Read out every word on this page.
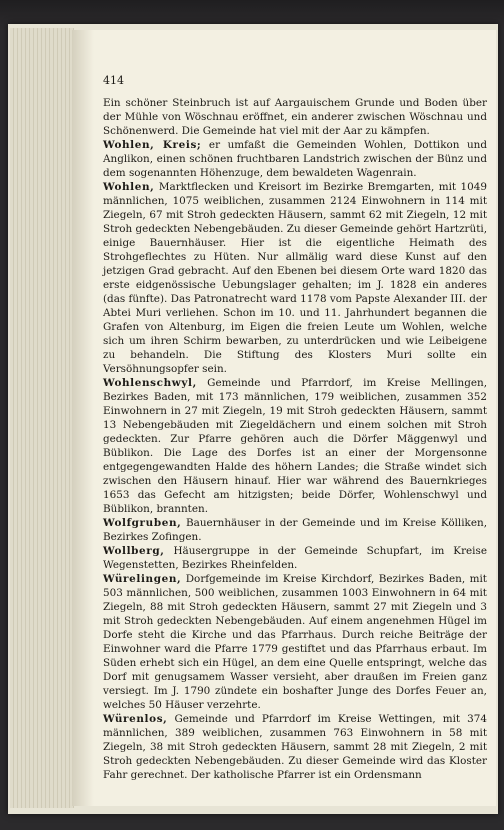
414

Ein schöner Steinbruch ist auf Aargauischem Grunde und Boden über der Mühle von Wöschnau eröffnet, ein anderer zwischen Wöschnau und Schönenwerd. Die Gemeinde hat viel mit der Aar zu kämpfen.

Wohlen, Kreis; er umfaßt die Gemeinden Wohlen, Dottikon und Anglikon, einen schönen fruchtbaren Landstrich zwischen der Bünz und dem sogenannten Höhenzuge, dem bewaldeten Wagenrain.

Wohlen, Marktflecken und Kreisort im Bezirke Bremgarten, mit 1049 männlichen, 1075 weiblichen, zusammen 2124 Einwohnern in 114 mit Ziegeln, 67 mit Stroh gedeckten Häusern, sammt 62 mit Ziegeln, 12 mit Stroh gedeckten Nebengebäuden. Zu dieser Gemeinde gehört Hartzrüti, einige Bauernhäuser. Hier ist die eigentliche Heimath des Strohgeflechtes zu Hüten. Nur allmälig ward diese Kunst auf den jetzigen Grad gebracht. Auf den Ebenen bei diesem Orte ward 1820 das erste eidgenössische Uebungslager gehalten; im J. 1828 ein anderes (das fünfte). Das Patronatrecht ward 1178 vom Papste Alexander III. der Abtei Muri verliehen. Schon im 10. und 11. Jahrhundert begannen die Grafen von Altenburg, im Eigen die freien Leute um Wohlen, welche sich um ihren Schirm bewarben, zu unterdrücken und wie Leibeigene zu behandeln. Die Stiftung des Klosters Muri sollte ein Versöhnungsopfer sein.

Wohlenschwyl, Gemeinde und Pfarrdorf, im Kreise Mellingen, Bezirkes Baden, mit 173 männlichen, 179 weiblichen, zusammen 352 Einwohnern in 27 mit Ziegeln, 19 mit Stroh gedeckten Häusern, sammt 13 Nebengebäuden mit Ziegeldächern und einem solchen mit Stroh gedeckten. Zur Pfarre gehören auch die Dörfer Mäggenwyl und Büblikon. Die Lage des Dorfes ist an einer der Morgensonne entgegengewandten Halde des höhern Landes; die Straße windet sich zwischen den Häusern hinauf. Hier war während des Bauernkrieges 1653 das Gefecht am hitzigsten; beide Dörfer, Wohlenschwyl und Büblikon, brannten.

Wolfgruben, Bauernhäuser in der Gemeinde und im Kreise Kölliken, Bezirkes Zofingen.

Wollberg, Häusergruppe in der Gemeinde Schupfart, im Kreise Wegenstetten, Bezirkes Rheinfelden.

Würelingen, Dorfgemeinde im Kreise Kirchdorf, Bezirkes Baden, mit 503 männlichen, 500 weiblichen, zusammen 1003 Einwohnern in 64 mit Ziegeln, 88 mit Stroh gedeckten Häusern, sammt 27 mit Ziegeln und 3 mit Stroh gedeckten Nebengebäuden. Auf einem angenehmen Hügel im Dorfe steht die Kirche und das Pfarrhaus. Durch reiche Beiträge der Einwohner ward die Pfarre 1779 gestiftet und das Pfarrhaus erbaut. Im Süden erhebt sich ein Hügel, an dem eine Quelle entspringt, welche das Dorf mit genugsamem Wasser versieht, aber draußen im Freien ganz versiegt. Im J. 1790 zündete ein boshafter Junge des Dorfes Feuer an, welches 50 Häuser verzehrte.

Würenlos, Gemeinde und Pfarrdorf im Kreise Wettingen, mit 374 männlichen, 389 weiblichen, zusammen 763 Einwohnern in 58 mit Ziegeln, 38 mit Stroh gedeckten Häusern, sammt 28 mit Ziegeln, 2 mit Stroh gedeckten Nebengebäuden. Zu dieser Gemeinde wird das Kloster Fahr gerechnet. Der katholische Pfarrer ist ein Ordensmann
